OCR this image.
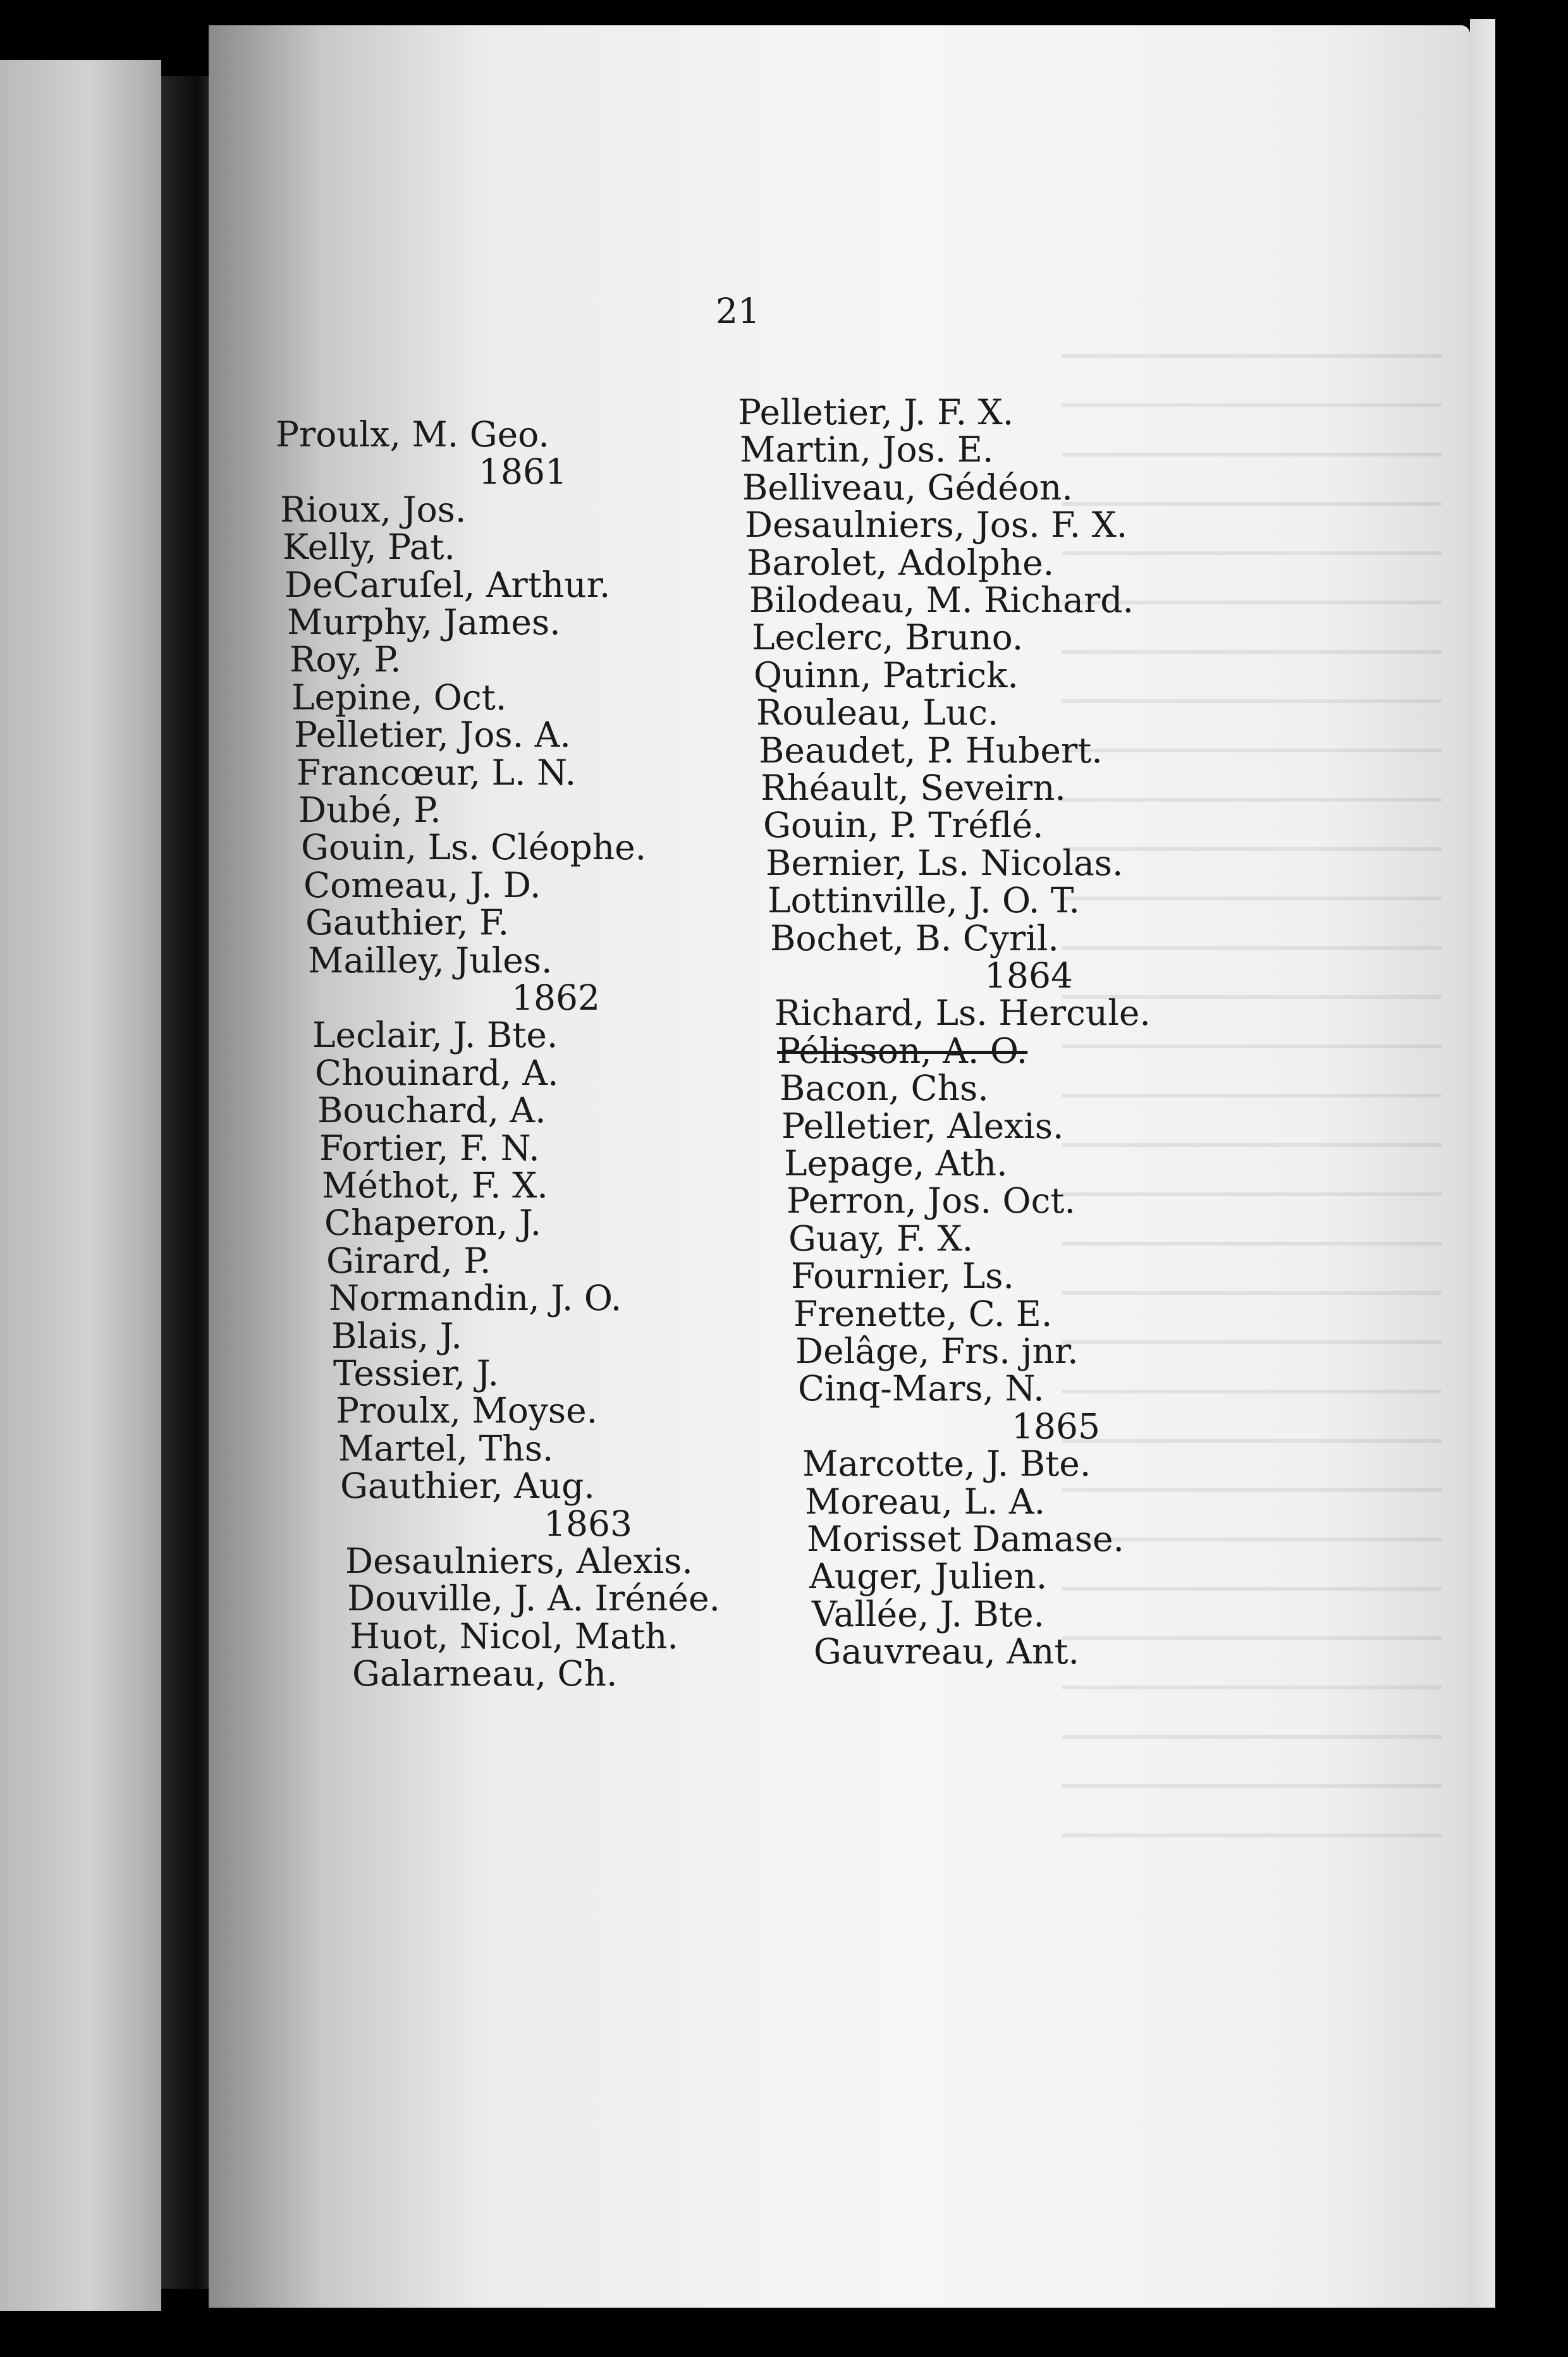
21
Proulx, M. Geo.
1861
Rioux, Jos.
Kelly, Pat.
DeCaruſel, Arthur.
Murphy, James.
Roy, P.
Lepine, Oct.
Pelletier, Jos. A.
Francœur, L. N.
Dubé, P.
Gouin, Ls. Cléophe.
Comeau, J. D.
Gauthier, F.
Mailley, Jules.
1862
Leclair, J. Bte.
Chouinard, A.
Bouchard, A.
Fortier, F. N.
Méthot, F. X.
Chaperon, J.
Girard, P.
Normandin, J. O.
Blais, J.
Tessier, J.
Proulx, Moyse.
Martel, Ths.
Gauthier, Aug.
1863
Desaulniers, Alexis.
Douville, J. A. Irénée.
Huot, Nicol, Math.
Galarneau, Ch.
Pelletier, J. F. X.
Martin, Jos. E.
Belliveau, Gédéon.
Desaulniers, Jos. F. X.
Barolet, Adolphe.
Bilodeau, M. Richard.
Leclerc, Bruno.
Quinn, Patrick.
Rouleau, Luc.
Beaudet, P. Hubert.
Rhéault, Seveirn.
Gouin, P. Tréflé.
Bernier, Ls. Nicolas.
Lottinville, J. O. T.
Bochet, B. Cyril.
1864
Richard, Ls. Hercule.
Pélisson, A. O.
Bacon, Chs.
Pelletier, Alexis.
Lepage, Ath.
Perron, Jos. Oct.
Guay, F. X.
Fournier, Ls.
Frenette, C. E.
Delâge, Frs. jnr.
Cinq-Mars, N.
1865
Marcotte, J. Bte.
Moreau, L. A.
Morisset Damase.
Auger, Julien.
Vallée, J. Bte.
Gauvreau, Ant.
